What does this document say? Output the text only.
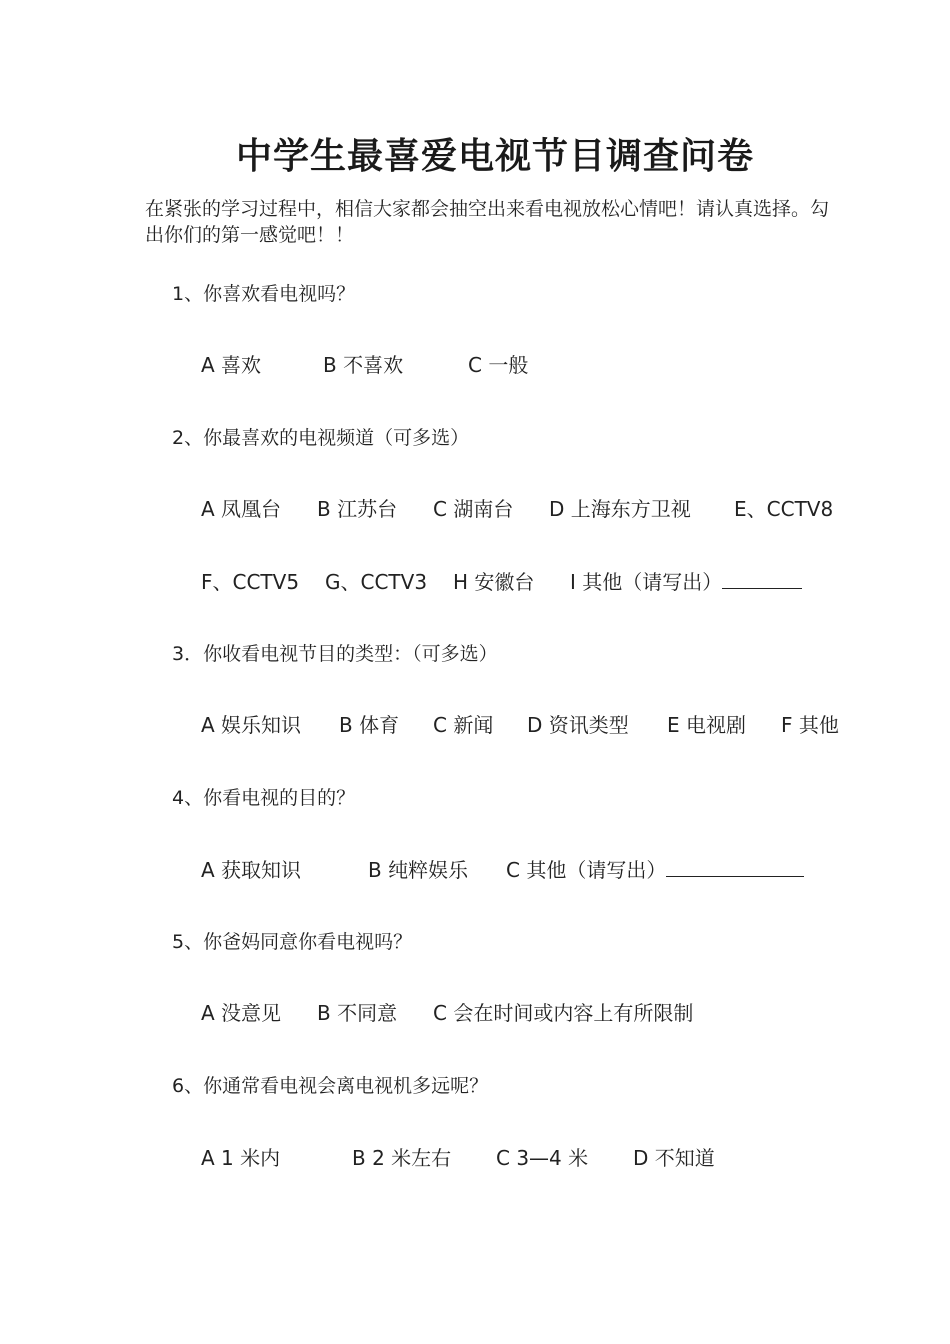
中学生最喜爱电视节目调查问卷
在紧张的学习过程中，相信大家都会抽空出来看电视放松心情吧！请认真选择。勾出你们的第一感觉吧！！
1、你喜欢看电视吗？
A 喜欢	B 不喜欢	C 一般
2、你最喜欢的电视频道（可多选）
A 凤凰台 B 江苏台 C 湖南台 D 上海东方卫视 E、CCTV8
F、CCTV5 G、CCTV3 H 安徽台 I 其他（请写出）
3．你收看电视节目的类型：（可多选）
A 娱乐知识 B 体育 C 新闻 D 资讯类型 E 电视剧 F 其他
4、你看电视的目的？
A 获取知识	B 纯粹娱乐 C 其他（请写出）
5、你爸妈同意你看电视吗？
A 没意见 B 不同意 C 会在时间或内容上有所限制
6、你通常看电视会离电视机多远呢？
A 1 米内	B 2 米左右 C 3—4 米 D 不知道
